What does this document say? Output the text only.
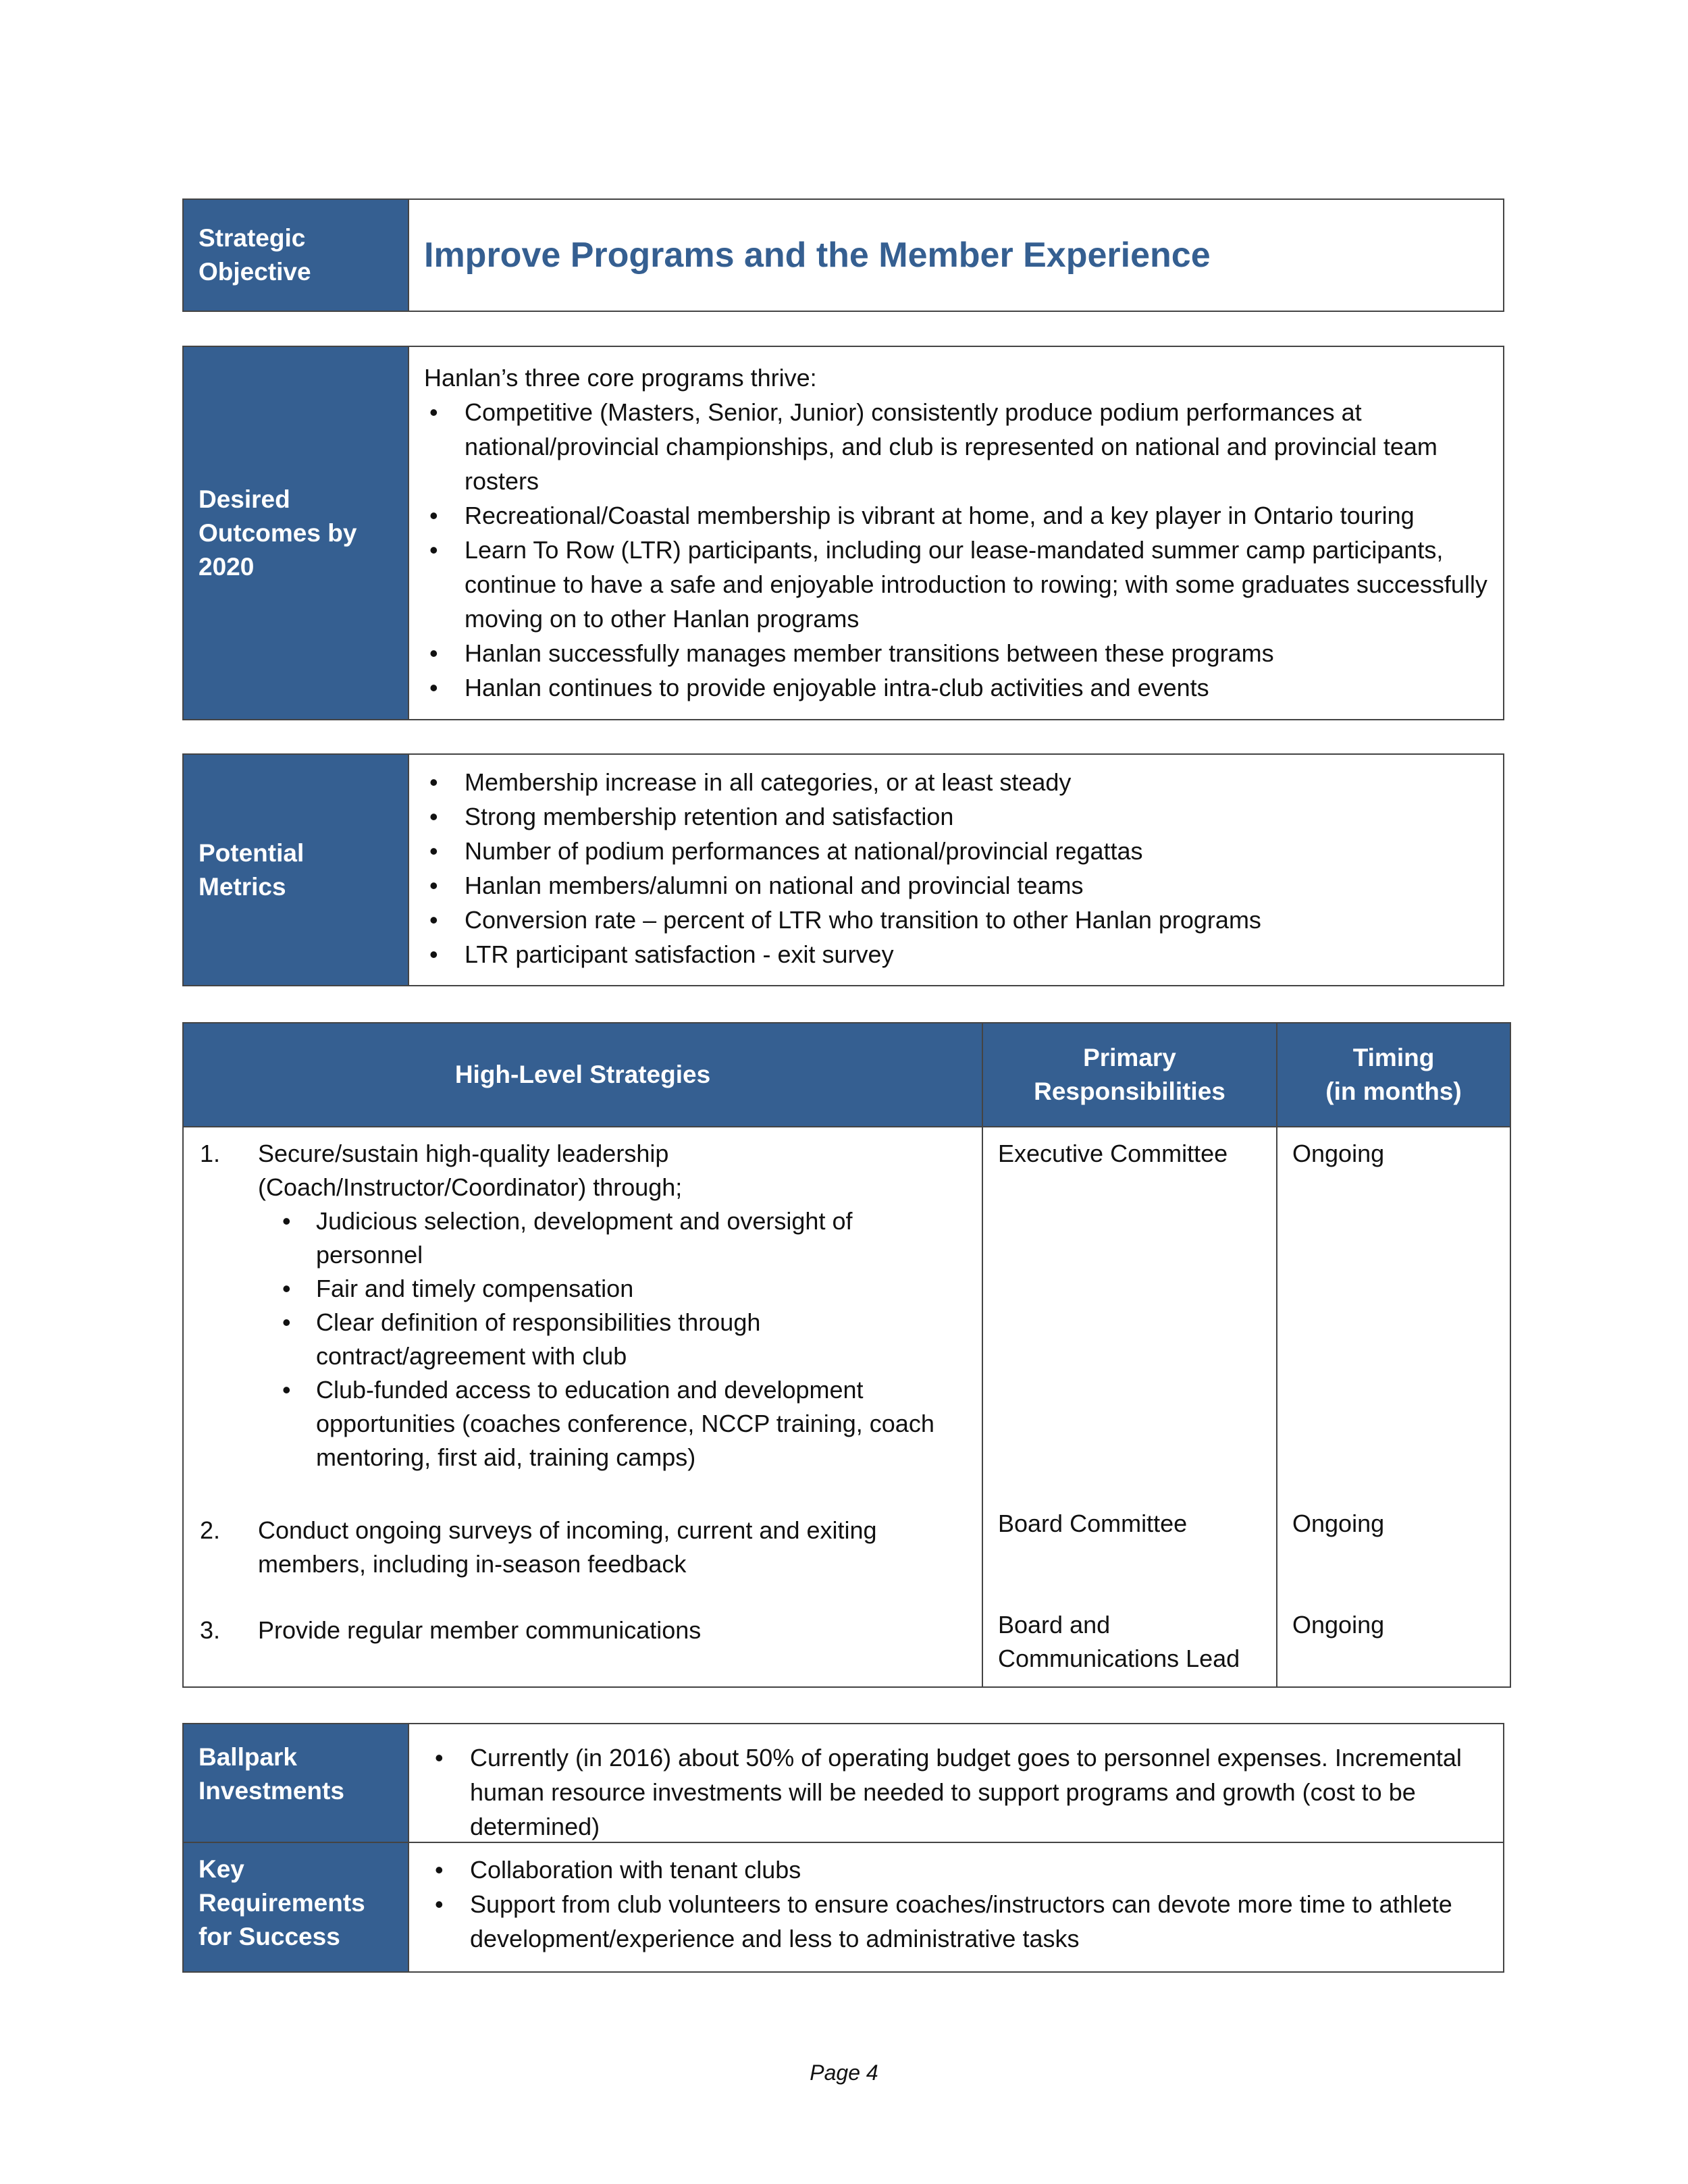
Strategic
Objective	Improve Programs and the Member Experience
Desired
Outcomes by
2020
Hanlan’s three core programs thrive:
• Competitive (Masters, Senior, Junior) consistently produce podium performances at national/provincial championships, and club is represented on national and provincial team rosters
• Recreational/Coastal membership is vibrant at home, and a key player in Ontario touring
• Learn To Row (LTR) participants, including our lease-mandated summer camp participants, continue to have a safe and enjoyable introduction to rowing; with some graduates successfully moving on to other Hanlan programs
• Hanlan successfully manages member transitions between these programs
• Hanlan continues to provide enjoyable intra-club activities and events
Potential
Metrics
• Membership increase in all categories, or at least steady
• Strong membership retention and satisfaction
• Number of podium performances at national/provincial regattas
• Hanlan members/alumni on national and provincial teams
• Conversion rate – percent of LTR who transition to other Hanlan programs
• LTR participant satisfaction - exit survey
High-Level Strategies
Primary
Responsibilities
Timing
(in months)
1. Secure/sustain high-quality leadership (Coach/Instructor/Coordinator) through;
• Judicious selection, development and oversight of personnel
• Fair and timely compensation
• Clear definition of responsibilities through contract/agreement with club
• Club-funded access to education and development opportunities (coaches conference, NCCP training, coach mentoring, first aid, training camps)
2. Conduct ongoing surveys of incoming, current and exiting members, including in-season feedback
3. Provide regular member communications
Executive Committee
Board Committee
Board and Communications Lead
Ongoing
Ongoing
Ongoing
Ballpark
Investments
• Currently (in 2016) about 50% of operating budget goes to personnel expenses. Incremental human resource investments will be needed to support programs and growth (cost to be determined)
Key
Requirements
for Success
• Collaboration with tenant clubs
• Support from club volunteers to ensure coaches/instructors can devote more time to athlete development/experience and less to administrative tasks
Page 4
